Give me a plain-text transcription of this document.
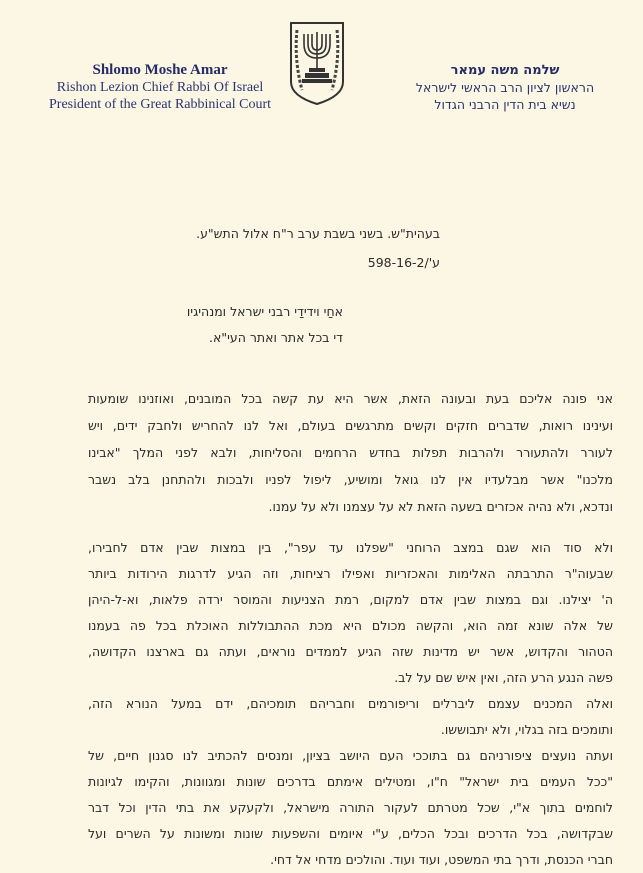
Shlomo Moshe Amar
Rishon Lezion Chief Rabbi Of Israel
President of the Great Rabbinical Court
שלמה משה עמאר
הראשון לציון הרב הראשי לישראל
נשיא בית הדין הרבני הגדול
בעהית"ש. בשני בשבת ערב ר"ח אלול התש"ע.
ע'/598-16-2
אחַי וידידַי רבני ישראל ומנהיגיו
די בכל אתר ואתר העי"א.
אני פונה אליכם בעת ובעונה הזאת, אשר היא עת קשה בכל המובנים, ואוזנינו שומעות
ועינינו רואות, שדברים חזקים וקשים מתרגשים בעולם, ואל לנו להחריש ולחבק ידים, ויש
לעורר ולהתעורר ולהרבות תפלות בחדש הרחמים והסליחות, ולבא לפני המלך "אבינו
מלכנו" אשר מבלעדיו אין לנו גואל ומושיע, ליפול לפניו ולבכות ולהתחנן בלב נשבר
ונדכא, ולא נהיה אכזרים בשעה הזאת לא על עצמנו ולא על עמנו.
ולא סוד הוא שגם במצב הרוחני "שפלנו עד עפר", בין במצות שבין אדם לחבירו,
שבעוה"ר התרבתה האלימות והאכזריות ואפילו רציחות, וזה הגיע לדרגות הירודות ביותר
ה' יצילנו. וגם במצות שבין אדם למקום, רמת הצניעות והמוסר ירדה פלאות, וא-ל-היהן
של אלה שונא זמה הוא, והקשה מכולם היא מכת ההתבוללות האוכלת בכל פה בעמנו
הטהור והקדוש, אשר יש מדינות שזה הגיע לממדים נוראים, ועתה גם בארצנו הקדושה,
פשה הנגע הרע הזה, ואין איש שם על לב.
ואלה המכנים עצמם ליברלים וריפורמים וחבריהם תומכיהם, ידם במעל הנורא הזה,
ותומכים בזה בגלוי, ולא יתבוששו.
ועתה נועצים ציפורניהם גם בתוככי העם היושב בציון, ומנסים להכתיב לנו סגנון חיים, של
"ככל העמים בית ישראל" ח"ו, ומטילים אימתם בדרכים שונות ומגוונות, והקימו לגיונות
לוחמים בתוך א"י, שכל מטרתם לעקור התורה מישראל, ולקעקע את בתי הדין וכל דבר
שבקדושה, בכל הדרכים ובכל הכלים, ע"י איומים והשפעות שונות ומשונות על השרים ועל
חברי הכנסת, ודרך בתי המשפט, ועוד ועוד. והולכים מדחי אל דחי.
